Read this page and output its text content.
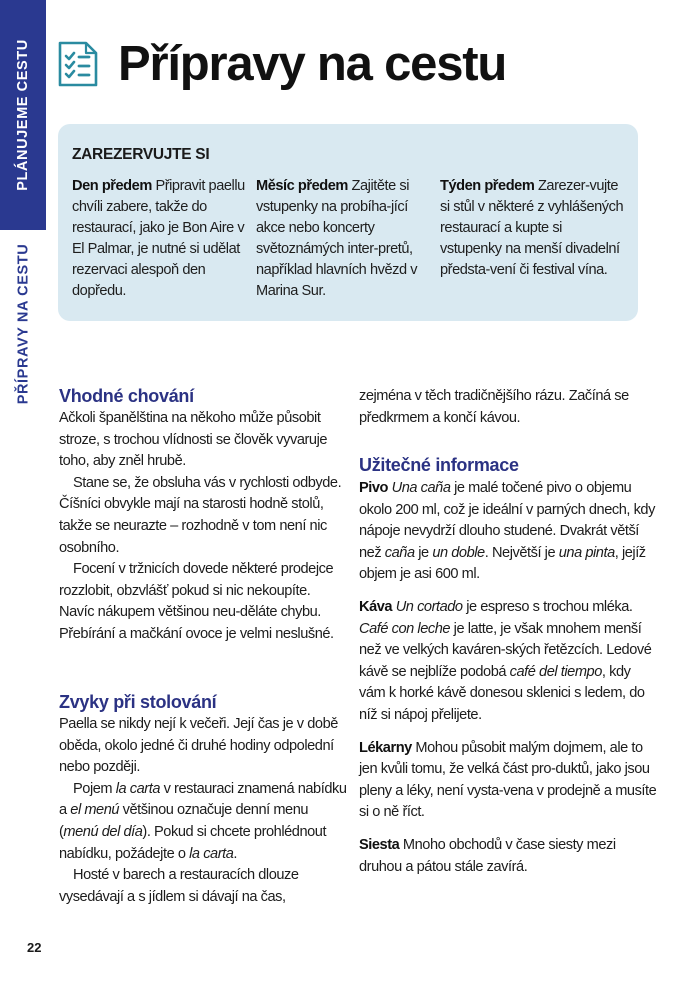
PLÁNUJEME CESTU
PŘÍPRAVY NA CESTU
Přípravy na cestu
ZAREZERVUJTE SI
Den předem Připravit paellu chvíli zabere, takže do restaurací, jako je Bon Aire v El Palmar, je nutné si udělat rezervaci alespoň den dopředu.
Měsíc předem Zajitěte si vstupenky na probíha-jící akce nebo koncerty světoznámých inter-pretů, například hlavních hvězd v Marina Sur.
Týden předem Zarezer-vujte si stůl v některé z vyhlášených restaurací a kupte si vstupenky na menší divadelní předsta-vení či festival vína.
Vhodné chování

Ačkoli španělština na někoho může působit stroze, s trochou vlídnosti se člověk vyvaruje toho, aby zněl hrubě.

Stane se, že obsluha vás v rychlosti odbyde. Číšníci obvykle mají na starosti hodně stolů, takže se neurazte – rozhodně v tom není nic osobního.

Focení v tržnicích dovede některé prodejce rozzlobit, obzvlášť pokud si nic nekoupíte. Navíc nákupem většinou neu-děláte chybu. Přebírání a mačkání ovoce je velmi neslušné.

Zvyky při stolování

Paella se nikdy nejí k večeři. Její čas je v době oběda, okolo jedné či druhé hodiny odpolední nebo později.

Pojem la carta v restauraci znamená nabídku a el menú většinou označuje denní menu (menú del día). Pokud si chcete prohlédnout nabídku, požádejte o la carta.

Hosté v barech a restauracích dlouze vysedávají a s jídlem si dávají na čas,

zejména v těch tradičnějšího rázu. Začíná se předkrmem a končí kávou.

Užitečné informace

Pivo Una caña je malé točené pivo o objemu okolo 200 ml, což je ideální v parných dnech, kdy nápoje nevydrží dlouho studené. Dvakrát větší než caña je un doble. Největší je una pinta, jejíž objem je asi 600 ml.

Káva Un cortado je espreso s trochou mléka. Café con leche je latte, je však mnohem menší než ve velkých kaváren-ských řetězcích. Ledové kávě se nejblíže podobá café del tiempo, kdy vám k horké kávě donesou sklenici s ledem, do níž si nápoj přelijete.

Lékarny Mohou působit malým dojmem, ale to jen kvůli tomu, že velká část pro-duktů, jako jsou pleny a léky, není vysta-vena v prodejně a musíte si o ně říct.

Siesta Mnoho obchodů v čase siesty mezi druhou a pátou stále zavírá.

22
